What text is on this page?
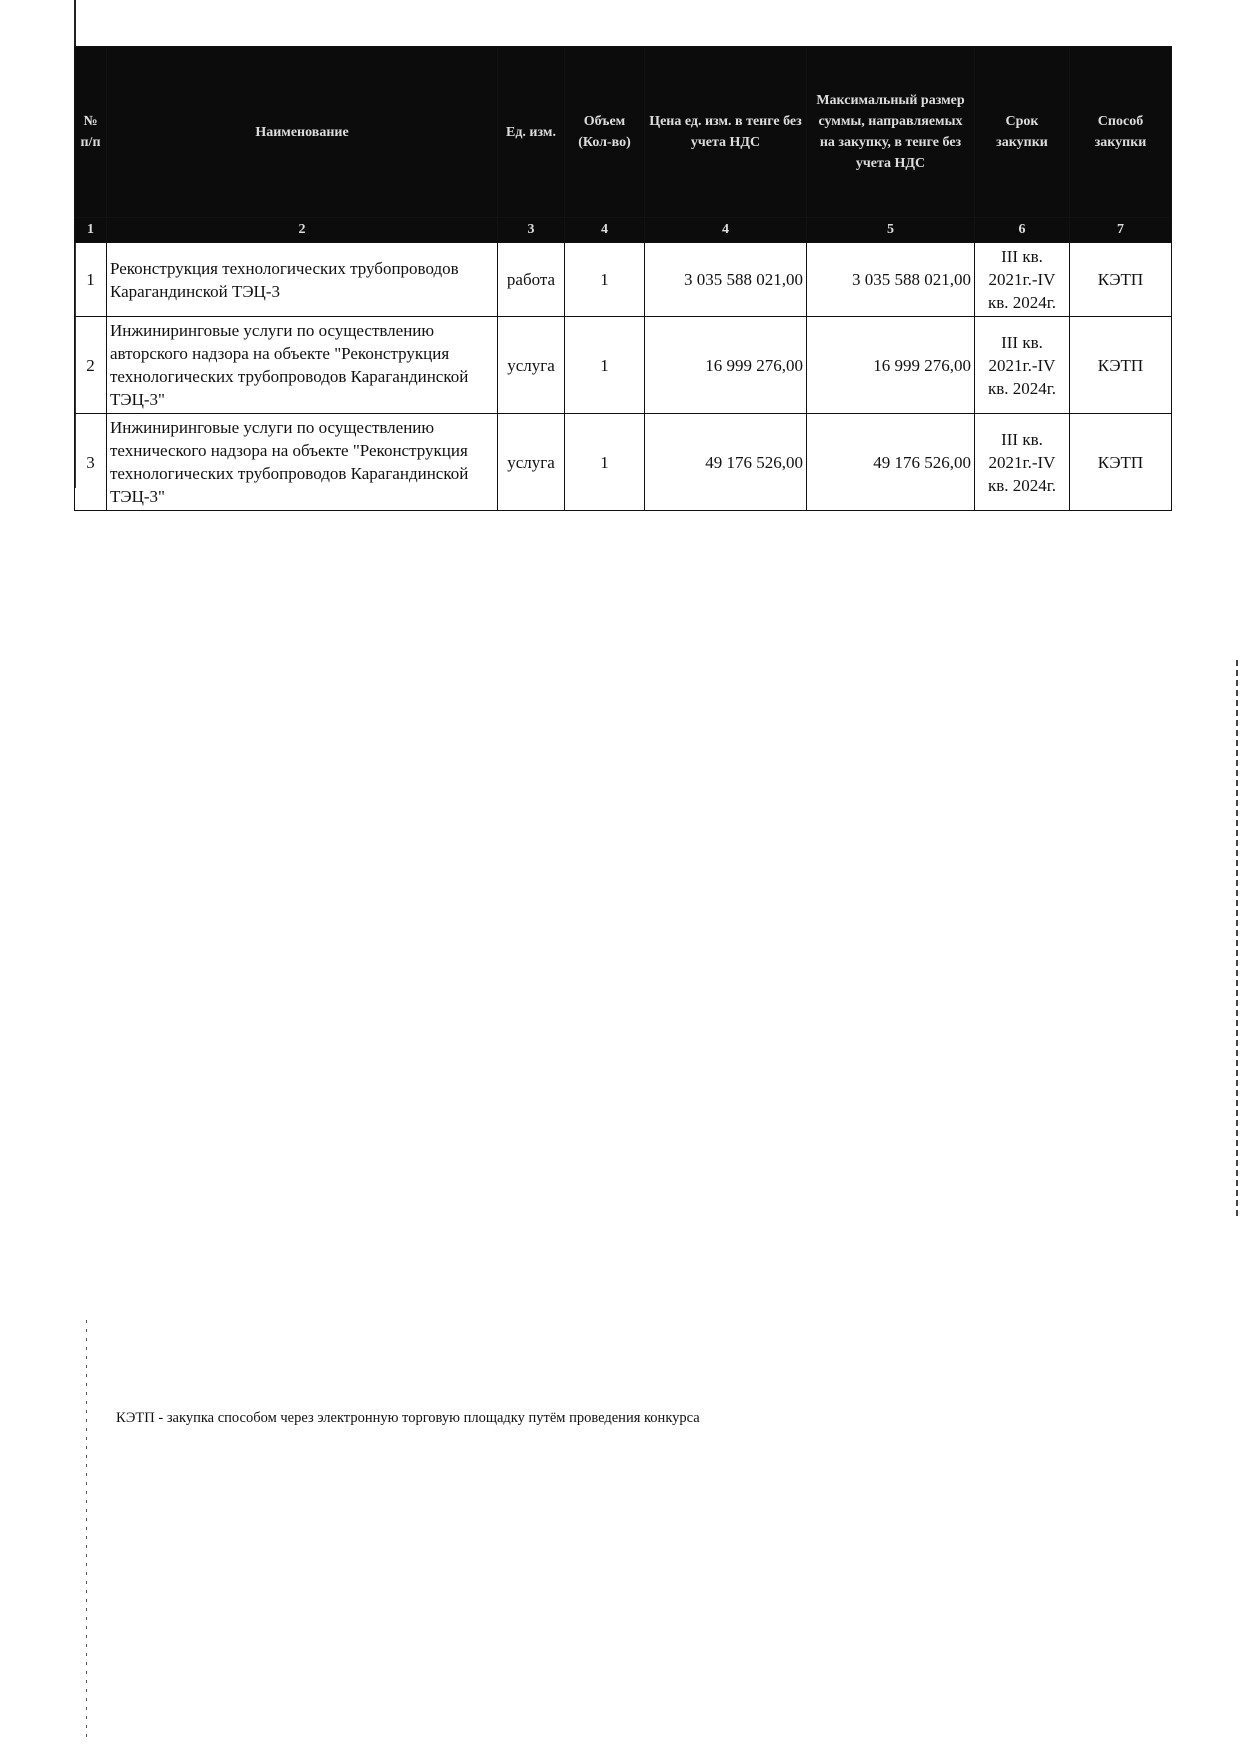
№ п/п	Наименование	Ед. изм.	Объем (Кол-во)	Цена ед. изм. в тенге без учета НДС	Максимальный размер суммы, направляемых на закупку, в тенге без учета НДС	Срок закупки	Способ закупки
1	2	3	4	4	5	6	7
1	Реконструкция технологических трубопроводов Карагандинской ТЭЦ-3	работа	1	3 035 588 021,00	3 035 588 021,00	III кв. 2021г.-IV кв. 2024г.	КЭТП
2	Инжиниринговые услуги по осуществлению авторского надзора на объекте "Реконструкция технологических трубопроводов Карагандинской ТЭЦ-3"	услуга	1	16 999 276,00	16 999 276,00	III кв. 2021г.-IV кв. 2024г.	КЭТП
3	Инжиниринговые услуги по осуществлению технического надзора на объекте "Реконструкция технологических трубопроводов Карагандинской ТЭЦ-3"	услуга	1	49 176 526,00	49 176 526,00	III кв. 2021г.-IV кв. 2024г.	КЭТП
КЭТП - закупка способом через электронную торговую площадку путём проведения конкурса
